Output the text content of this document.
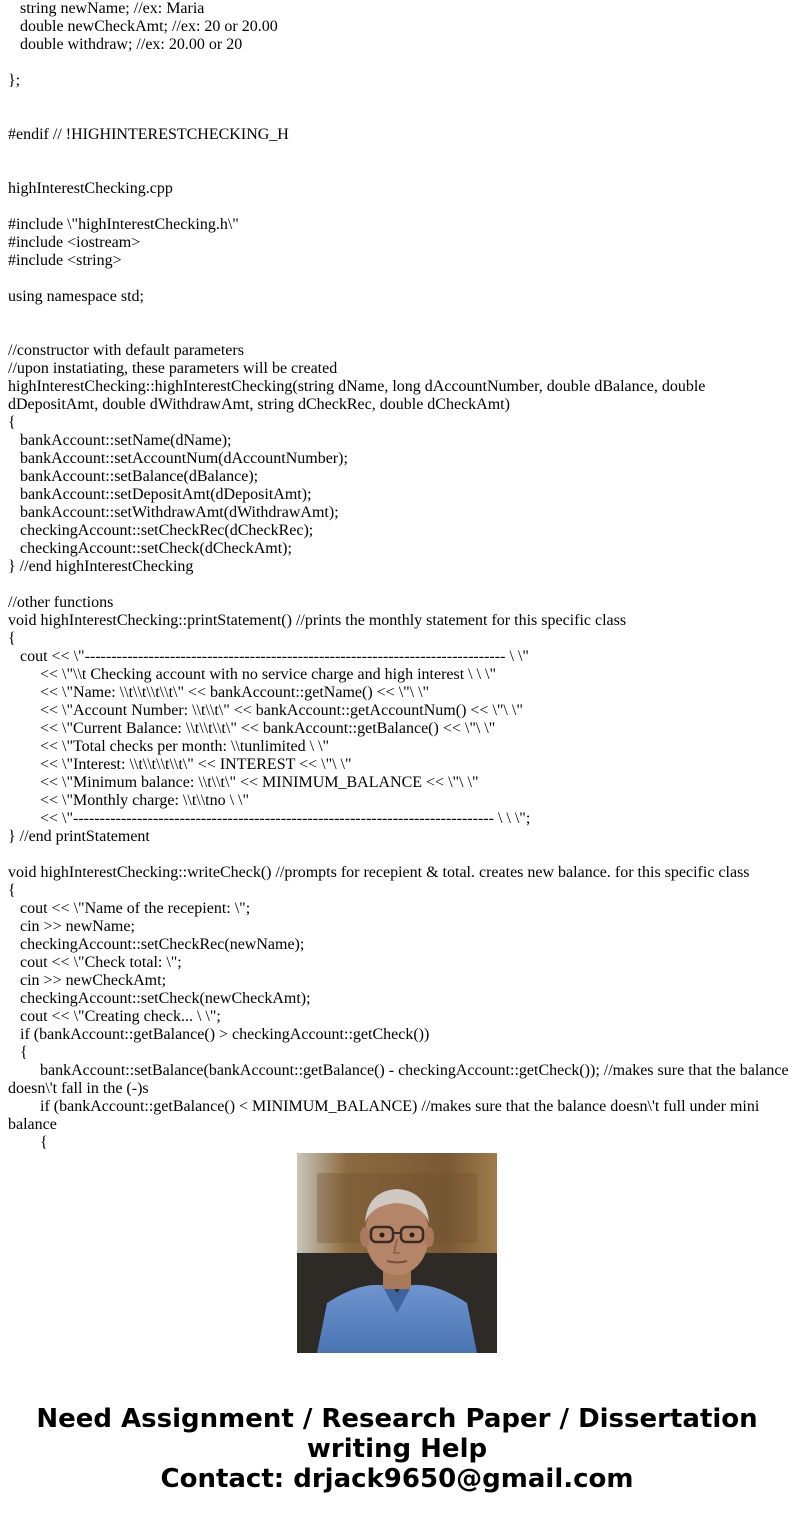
string newName; //ex: Maria
double newCheckAmt; //ex: 20 or 20.00
double withdraw; //ex: 20.00 or 20
};
#endif // !HIGHINTERESTCHECKING_H
highInterestChecking.cpp
#include \"highInterestChecking.h\"
#include <iostream>
#include <string>
using namespace std;
//constructor with default parameters
//upon instatiating, these parameters will be created
highInterestChecking::highInterestChecking(string dName, long dAccountNumber, double dBalance, double dDepositAmt, double dWithdrawAmt, string dCheckRec, double dCheckAmt)
{
bankAccount::setName(dName);
bankAccount::setAccountNum(dAccountNumber);
bankAccount::setBalance(dBalance);
bankAccount::setDepositAmt(dDepositAmt);
bankAccount::setWithdrawAmt(dWithdrawAmt);
checkingAccount::setCheckRec(dCheckRec);
checkingAccount::setCheck(dCheckAmt);
} //end highInterestChecking
//other functions
void highInterestChecking::printStatement() //prints the monthly statement for this specific class
{
cout << \"------------------------------------------------------------------------------- \ \"
<< \"\\t Checking account with no service charge and high interest \ \ \"
<< \"Name: \\t\\t\\t\\t\" << bankAccount::getName() << \"\ \"
<< \"Account Number: \\t\\t\" << bankAccount::getAccountNum() << \"\ \"
<< \"Current Balance: \\t\\t\\t\" << bankAccount::getBalance() << \"\ \"
<< \"Total checks per month: \\tunlimited \ \"
<< \"Interest: \\t\\t\\t\\t\" << INTEREST << \"\ \"
<< \"Minimum balance: \\t\\t\" << MINIMUM_BALANCE << \"\ \"
<< \"Monthly charge: \\t\\tno \ \"
<< \"------------------------------------------------------------------------------- \ \ \";
} //end printStatement
void highInterestChecking::writeCheck() //prompts for recepient & total. creates new balance. for this specific class
{
cout << \"Name of the recepient: \";
cin >> newName;
checkingAccount::setCheckRec(newName);
cout << \"Check total: \";
cin >> newCheckAmt;
checkingAccount::setCheck(newCheckAmt);
cout << \"Creating check... \ \";
if (bankAccount::getBalance() > checkingAccount::getCheck())
{
bankAccount::setBalance(bankAccount::getBalance() - checkingAccount::getCheck()); //makes sure that the balance doesn\'t fall in the (-)s
if (bankAccount::getBalance() < MINIMUM_BALANCE) //makes sure that the balance doesn\'t full under mini balance
{
Need Assignment / Research Paper / Dissertation
writing Help
Contact: drjack9650@gmail.com
